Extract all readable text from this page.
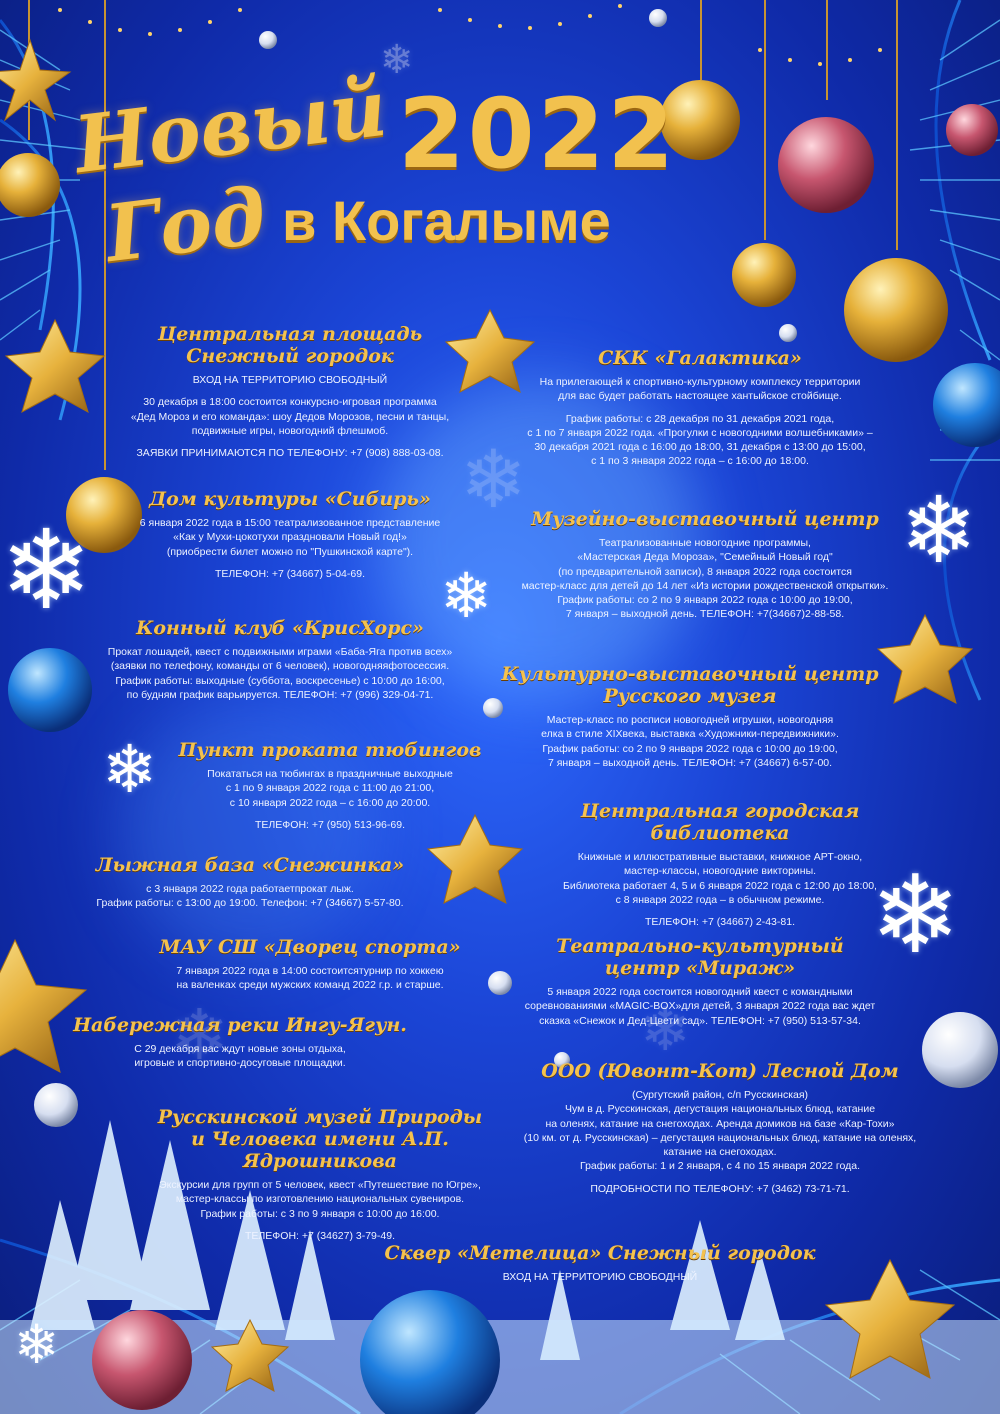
❄	❄
❄
❄
❄
❄
❄
❄
❄	❄
Новый
Год
2022
в Когалыме
Центральная площадь
Снежный городок

ВХОД НА ТЕРРИТОРИЮ СВОБОДНЫЙ

30 декабря в 18:00 состоится конкурсно-игровая программа
«Дед Мороз и его команда»: шоу Дедов Морозов, песни и танцы,
подвижные игры, новогодний флешмоб.

ЗАЯВКИ ПРИНИМАЮТСЯ ПО ТЕЛЕФОНУ: +7 (908) 888-03-08.

Дом культуры «Сибирь»

6 января 2022 года в 15:00 театрализованное представление
«Как у Мухи-цокотухи праздновали Новый год!»
(приобрести билет можно по "Пушкинской карте").

ТЕЛЕФОН: +7 (34667) 5-04-69.

Конный клуб «КрисХорс»

Прокат лошадей, квест с подвижными играми «Баба-Яга против всех»
(заявки по телефону, команды от 6 человек), новогодняяфотосессия.
График работы: выходные (суббота, воскресенье) с 10:00 до 16:00,
по будням график варьируется. ТЕЛЕФОН: +7 (996) 329-04-71.

Пункт проката тюбингов

Покататься на тюбингах в праздничные выходные
с 1 по 9 января 2022 года с 11:00 до 21:00,
с 10 января 2022 года – с 16:00 до 20:00.

ТЕЛЕФОН: +7 (950) 513-96-69.

Лыжная база «Снежинка»

с 3 января 2022 года работаетпрокат лыж.
График работы: с 13:00 до 19:00. Телефон: +7 (34667) 5-57-80.

МАУ СШ «Дворец спорта»

7 января 2022 года в 14:00 состоитсятурнир по хоккею
на валенках среди мужских команд 2022 г.р. и старше.

Набережная реки Ингу-Ягун.

С 29 декабря вас ждут новые зоны отдыха,
игровые и спортивно-досуговые площадки.

Русскинской музей Природы
и Человека имени А.П. Ядрошникова

Экскурсии для групп от 5 человек, квест «Путешествие по Югре»,
мастер-классы по изготовлению национальных сувениров.
График работы: с 3 по 9 января с 10:00 до 16:00.

ТЕЛЕФОН: +7 (34627) 3-79-49.

СКК «Галактика»

На прилегающей к спортивно-культурному комплексу территории
для вас будет работать настоящее хантыйское стойбище.

График работы: с 28 декабря по 31 декабря 2021 года,
с 1 по 7 января 2022 года. «Прогулки с новогодними волшебниками» –
30 декабря 2021 года с 16:00 до 18:00, 31 декабря с 13:00 до 15:00,
с 1 по 3 января 2022 года – с 16:00 до 18:00.

Музейно-выставочный центр

Театрализованные новогодние программы,
«Мастерская Деда Мороза», "Семейный Новый год"
(по предварительной записи), 8 января 2022 года состоится
мастер-класс для детей до 14 лет «Из истории рождественской открытки».
График работы: со 2 по 9 января 2022 года с 10:00 до 19:00,
7 января – выходной день. ТЕЛЕФОН: +7(34667)2-88-58.

Культурно-выставочный центр
Русского музея

Мастер-класс по росписи новогодней игрушки, новогодняя
елка в стиле XIXвека, выставка «Художники-передвижники».
График работы: со 2 по 9 января 2022 года с 10:00 до 19:00,
7 января – выходной день. ТЕЛЕФОН: +7 (34667) 6-57-00.

Центральная городская библиотека

Книжные и иллюстративные выставки, книжное АРТ-окно,
мастер-классы, новогодние викторины.
Библиотека работает 4, 5 и 6 января 2022 года с 12:00 до 18:00,
с 8 января 2022 года – в обычном режиме.

ТЕЛЕФОН: +7 (34667) 2-43-81.

Театрально-культурный
центр «Мираж»

5 января 2022 года состоится новогодний квест с командными
соревнованиями «MAGIC-BOX»для детей, 3 января 2022 года вас ждет
сказка «Снежок и Дед-Цвети сад». ТЕЛЕФОН: +7 (950) 513-57-34.

ООО (Ювонт-Кот) Лесной Дом

(Сургутский район, с/п Русскинская)
Чум в д. Русскинская, дегустация национальных блюд, катание
на оленях, катание на снегоходах. Аренда домиков на базе «Кар-Тохи»
(10 км. от д. Русскинская) – дегустация национальных блюд, катание на оленях,
катание на снегоходах.
График работы: 1 и 2 января, с 4 по 15 января 2022 года.

ПОДРОБНОСТИ ПО ТЕЛЕФОНУ: +7 (3462) 73-71-71.

Сквер «Метелица» Снежный городок

ВХОД НА ТЕРРИТОРИЮ СВОБОДНЫЙ
